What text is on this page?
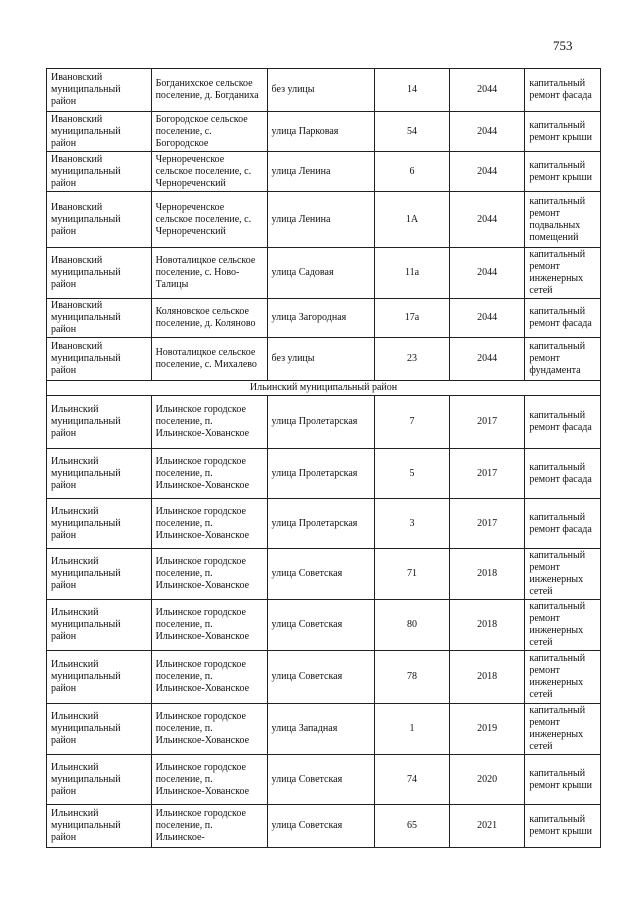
753
Ивановский муниципальный район	Богданихское сельское поселение, д. Богданиха	без улицы	14	2044	капитальный ремонт фасада
Ивановский муниципальный район	Богородское сельское поселение, с. Богородское	улица Парковая	54	2044	капитальный ремонт крыши
Ивановский муниципальный район	Чернореченское сельское поселение, с. Чернореченский	улица Ленина	6	2044	капитальный ремонт крыши
Ивановский муниципальный район	Чернореченское сельское поселение, с. Чернореченский	улица Ленина	1А	2044	капитальный ремонт подвальных помещений
Ивановский муниципальный район	Новоталицкое сельское поселение, с. Ново-Талицы	улица Садовая	11а	2044	капитальный ремонт инженерных сетей
Ивановский муниципальный район	Коляновское сельское поселение, д. Коляново	улица Загородная	17а	2044	капитальный ремонт фасада
Ивановский муниципальный район	Новоталицкое сельское поселение, с. Михалево	без улицы	23	2044	капитальный ремонт фундамента
Ильинский муниципальный район					
Ильинский муниципальный район	Ильинское городское поселение, п. Ильинское-Хованское	улица Пролетарская	7	2017	капитальный ремонт фасада
Ильинский муниципальный район	Ильинское городское поселение, п. Ильинское-Хованское	улица Пролетарская	5	2017	капитальный ремонт фасада
Ильинский муниципальный район	Ильинское городское поселение, п. Ильинское-Хованское	улица Пролетарская	3	2017	капитальный ремонт фасада
Ильинский муниципальный район	Ильинское городское поселение, п. Ильинское-Хованское	улица Советская	71	2018	капитальный ремонт инженерных сетей
Ильинский муниципальный район	Ильинское городское поселение, п. Ильинское-Хованское	улица Советская	80	2018	капитальный ремонт инженерных сетей
Ильинский муниципальный район	Ильинское городское поселение, п. Ильинское-Хованское	улица Советская	78	2018	капитальный ремонт инженерных сетей
Ильинский муниципальный район	Ильинское городское поселение, п. Ильинское-Хованское	улица Западная	1	2019	капитальный ремонт инженерных сетей
Ильинский муниципальный район	Ильинское городское поселение, п. Ильинское-Хованское	улица Советская	74	2020	капитальный ремонт крыши
Ильинский муниципальный район	Ильинское городское поселение, п. Ильинское-	улица Советская	65	2021	капитальный ремонт крыши
